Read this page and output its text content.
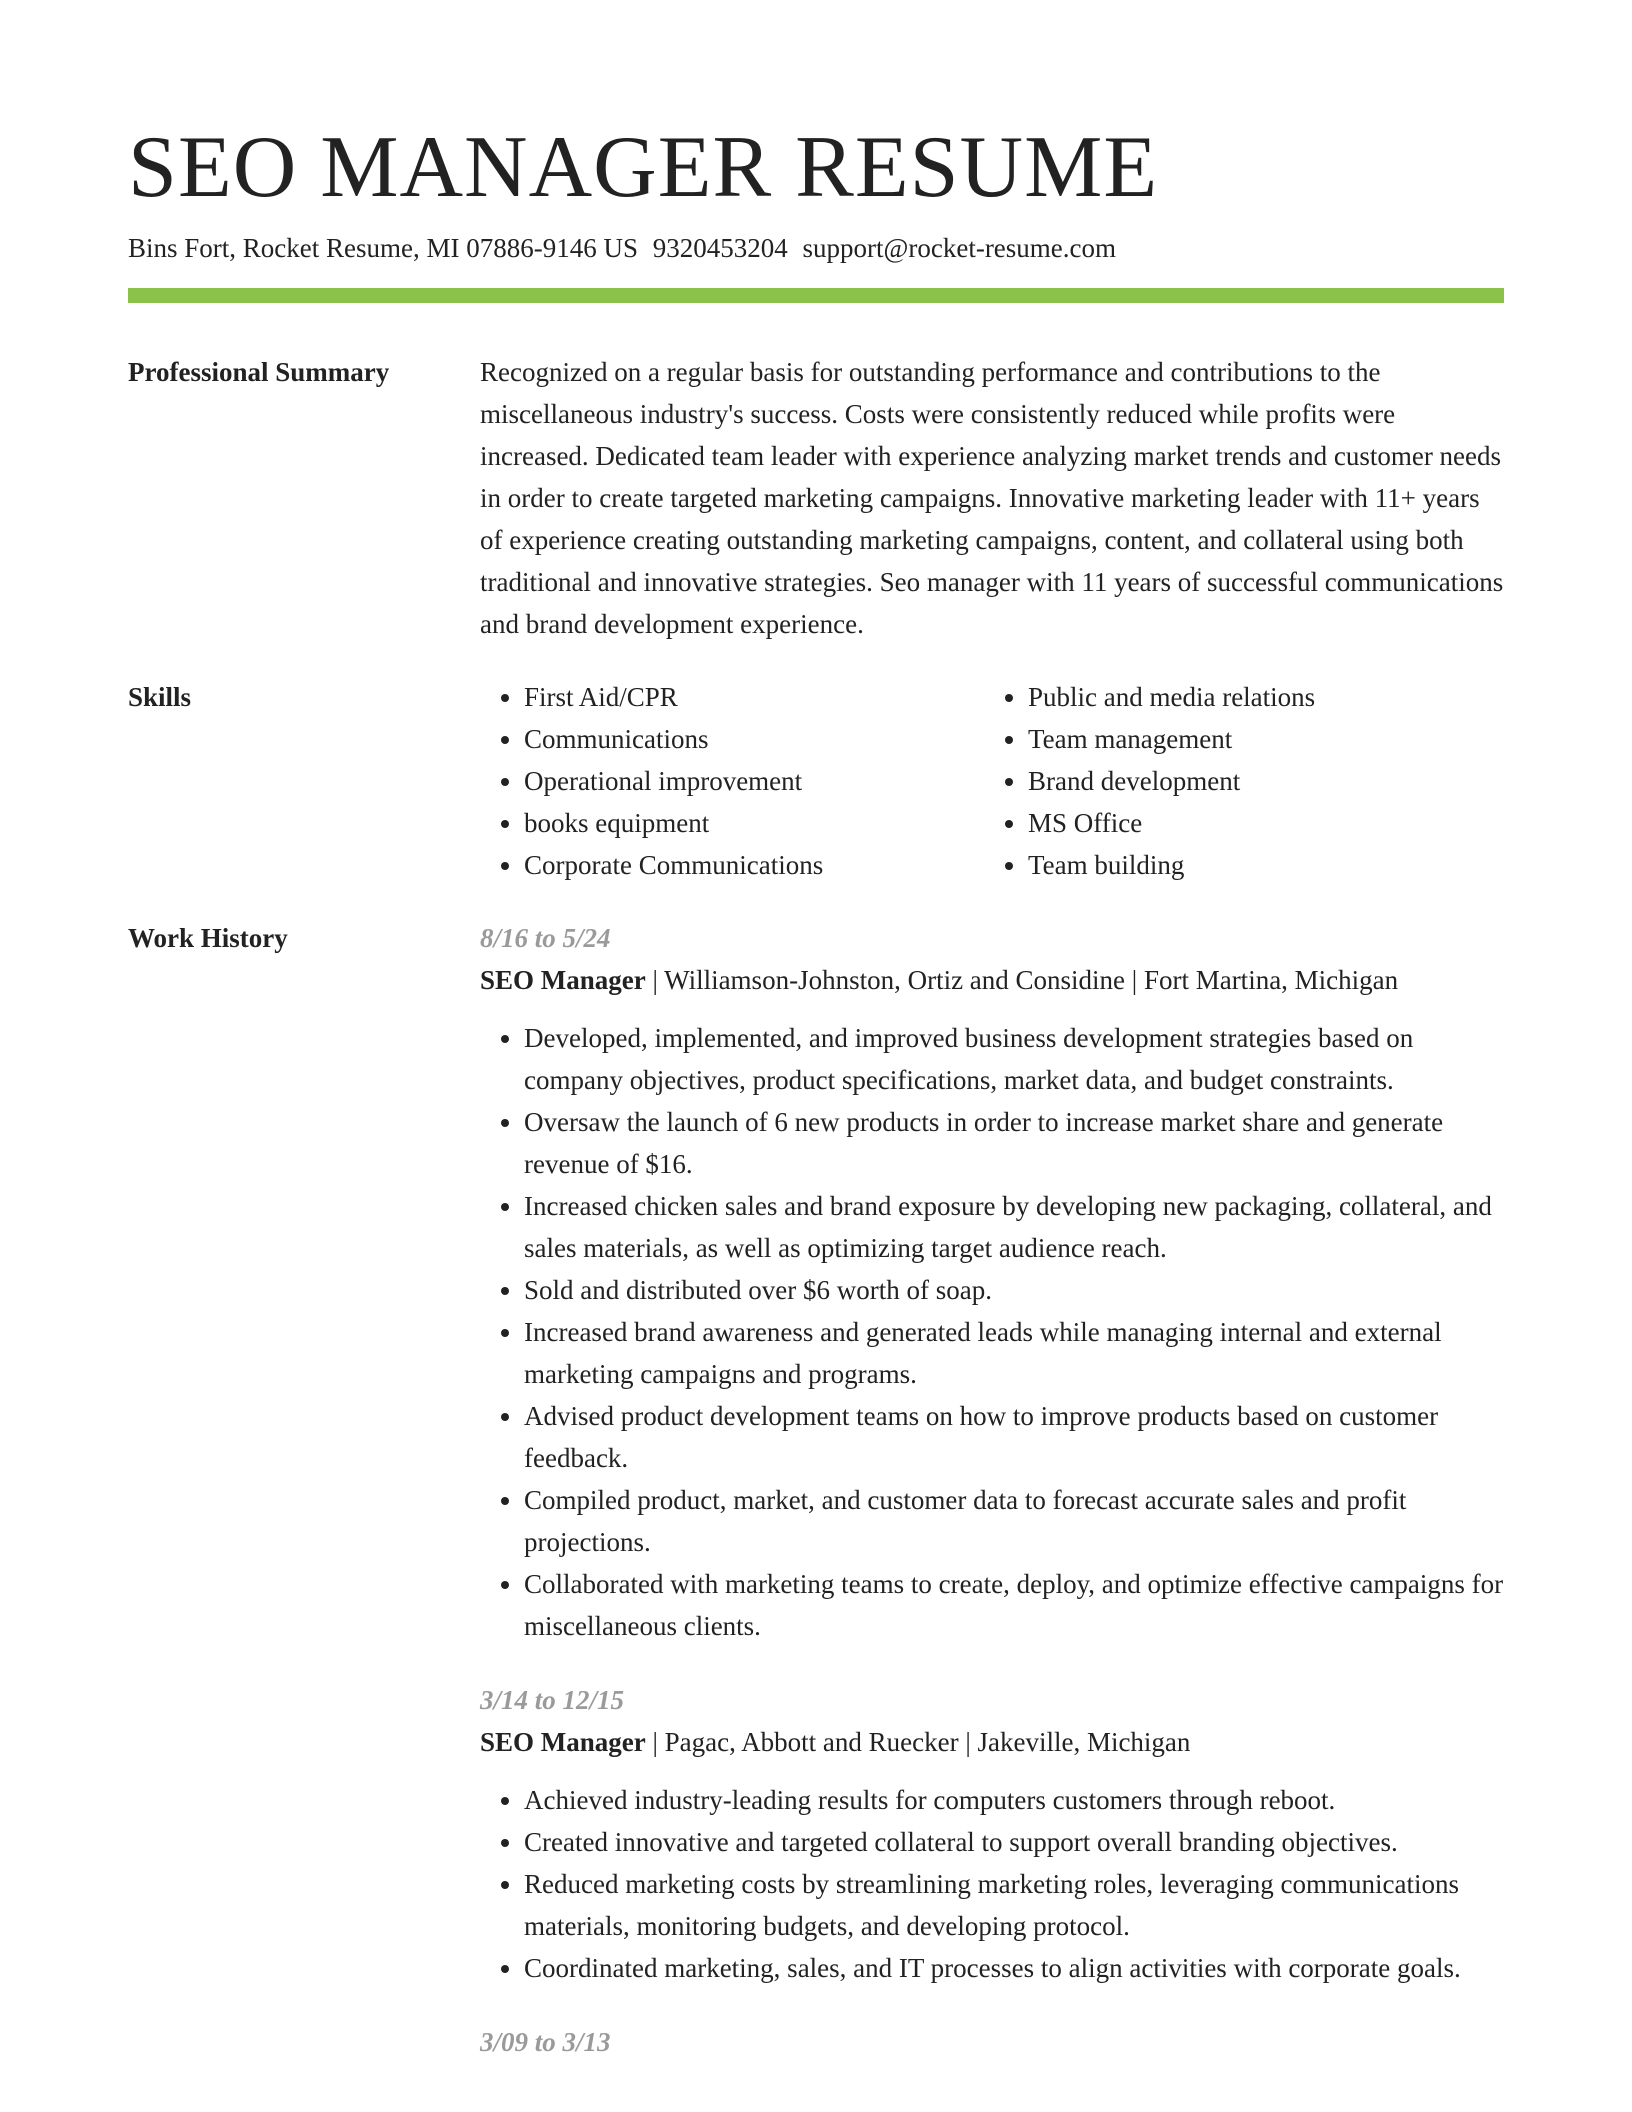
SEO MANAGER RESUME
Bins Fort, Rocket Resume, MI 07886-9146 US 9320453204 support@rocket-resume.com
Professional Summary	Recognized on a regular basis for outstanding performance and contributions to the miscellaneous industry's success. Costs were consistently reduced while profits were increased. Dedicated team leader with experience analyzing market trends and customer needs in order to create targeted marketing campaigns. Innovative marketing leader with 11+ years of experience creating outstanding marketing campaigns, content, and collateral using both traditional and innovative strategies. Seo manager with 11 years of successful communications and brand development experience.

Skills
•	First Aid/CPR
• Communications
• Operational improvement
• books equipment
• Corporate Communications
• Public and media relations
• Team management
• Brand development
• MS Office
• Team building
Work History	8/16 to 5/24
SEO Manager | Williamson-Johnston, Ortiz and Considine | Fort Martina, Michigan
• Developed, implemented, and improved business development strategies based on company objectives, product specifications, market data, and budget constraints.
• Oversaw the launch of 6 new products in order to increase market share and generate revenue of $16.
• Increased chicken sales and brand exposure by developing new packaging, collateral, and sales materials, as well as optimizing target audience reach.
• Sold and distributed over $6 worth of soap.
• Increased brand awareness and generated leads while managing internal and external marketing campaigns and programs.
• Advised product development teams on how to improve products based on customer feedback.
• Compiled product, market, and customer data to forecast accurate sales and profit projections.
• Collaborated with marketing teams to create, deploy, and optimize effective campaigns for miscellaneous clients.
3/14 to 12/15
SEO Manager | Pagac, Abbott and Ruecker | Jakeville, Michigan
• Achieved industry-leading results for computers customers through reboot.
• Created innovative and targeted collateral to support overall branding objectives.
• Reduced marketing costs by streamlining marketing roles, leveraging communications materials, monitoring budgets, and developing protocol.
• Coordinated marketing, sales, and IT processes to align activities with corporate goals.
3/09 to 3/13
